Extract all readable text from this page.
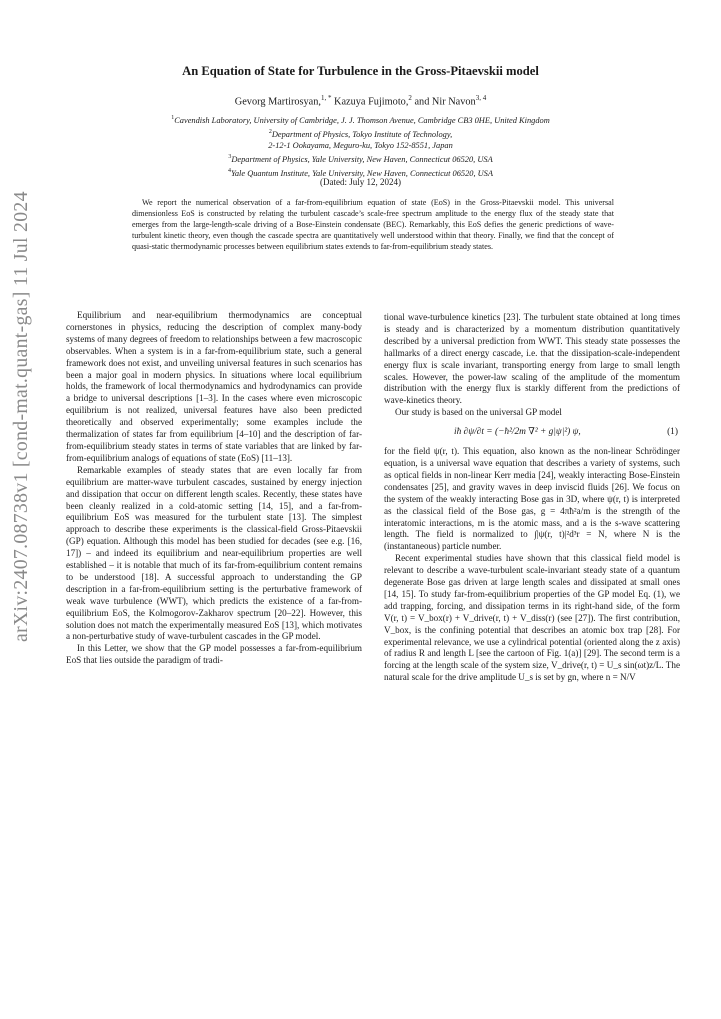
arXiv:2407.08738v1 [cond-mat.quant-gas] 11 Jul 2024
An Equation of State for Turbulence in the Gross-Pitaevskii model
Gevorg Martirosyan,$^{1, *}$ Kazuya Fujimoto,$^2$ and Nir Navon$^{3, 4}$
$^1$Cavendish Laboratory, University of Cambridge, J. J. Thomson Avenue, Cambridge CB3 0HE, United Kingdom
$^2$Department of Physics, Tokyo Institute of Technology,
2-12-1 Ookayama, Meguro-ku, Tokyo 152-8551, Japan
$^3$Department of Physics, Yale University, New Haven, Connecticut 06520, USA
$^4$Yale Quantum Institute, Yale University, New Haven, Connecticut 06520, USA
(Dated: July 12, 2024)
We report the numerical observation of a far-from-equilibrium equation of state (EoS) in the Gross-Pitaevskii model. This universal dimensionless EoS is constructed by relating the turbulent cascade’s scale-free spectrum amplitude to the energy flux of the steady state that emerges from the large-length-scale driving of a Bose-Einstein condensate (BEC). Remarkably, this EoS defies the generic predictions of wave-turbulent kinetic theory, even though the cascade spectra are quantitatively well understood within that theory. Finally, we find that the concept of quasi-static thermodynamic processes between equilibrium states extends to far-from-equilibrium steady states.

Equilibrium and near-equilibrium thermodynamics are conceptual cornerstones in physics, reducing the description of complex many-body systems of many degrees of freedom to relationships between a few macroscopic observables. When a system is in a far-from-equilibrium state, such a general framework does not exist, and unveiling universal features in such scenarios has been a major goal in modern physics. In situations where local equilibrium holds, the framework of local thermodynamics and hydrodynamics can provide a bridge to universal descriptions [1–3]. In the cases where even microscopic equilibrium is not realized, universal features have also been predicted theoretically and observed experimentally; some examples include the thermalization of states far from equilibrium [4–10] and the description of far-from-equilibrium steady states in terms of state variables that are linked by far-from-equilibrium analogs of equations of state (EoS) [11–13].

Remarkable examples of steady states that are even locally far from equilibrium are matter-wave turbulent cascades, sustained by energy injection and dissipation that occur on different length scales. Recently, these states have been cleanly realized in a cold-atomic setting [14, 15], and a far-from-equilibrium EoS was measured for the turbulent state [13]. The simplest approach to describe these experiments is the classical-field Gross-Pitaevskii (GP) equation. Although this model has been studied for decades (see e.g. [16, 17]) – and indeed its equilibrium and near-equilibrium properties are well established – it is notable that much of its far-from-equilibrium content remains to be understood [18]. A successful approach to understanding the GP description in a far-from-equilibrium setting is the perturbative framework of weak wave turbulence (WWT), which predicts the existence of a far-from-equilibrium EoS, the Kolmogorov-Zakharov spectrum [20–22]. However, this solution does not match the experimentally measured EoS [13], which motivates a non-perturbative study of wave-turbulent cascades in the GP model.

In this Letter, we show that the GP model possesses a far-from-equilibrium EoS that lies outside the paradigm of tradi-

tional wave-turbulence kinetics [23]. The turbulent state obtained at long times is steady and is characterized by a momentum distribution quantitatively described by a universal prediction from WWT. This steady state possesses the hallmarks of a direct energy cascade, i.e. that the dissipation-scale-independent energy flux is scale invariant, transporting energy from large to small length scales. However, the power-law scaling of the amplitude of the momentum distribution with the energy flux is starkly different from the predictions of wave-kinetics theory.

Our study is based on the universal GP model

iħ ∂ψ/∂t = (−ħ²/2m ∇² + g|ψ|²) ψ,	(1)

for the field ψ(r, t). This equation, also known as the non-linear Schrödinger equation, is a universal wave equation that describes a variety of systems, such as optical fields in non-linear Kerr media [24], weakly interacting Bose-Einstein condensates [25], and gravity waves in deep inviscid fluids [26]. We focus on the system of the weakly interacting Bose gas in 3D, where ψ(r, t) is interpreted as the classical field of the Bose gas, g = 4πħ²a/m is the strength of the interatomic interactions, m is the atomic mass, and a is the s-wave scattering length. The field is normalized to ∫|ψ(r, t)|²d³r = N, where N is the (instantaneous) particle number.

Recent experimental studies have shown that this classical field model is relevant to describe a wave-turbulent scale-invariant steady state of a quantum degenerate Bose gas driven at large length scales and dissipated at small ones [14, 15]. To study far-from-equilibrium properties of the GP model Eq. (1), we add trapping, forcing, and dissipation terms in its right-hand side, of the form V(r, t) = V_box(r) + V_drive(r, t) + V_diss(r) (see [27]). The first contribution, V_box, is the confining potential that describes an atomic box trap [28]. For experimental relevance, we use a cylindrical potential (oriented along the z axis) of radius R and length L [see the cartoon of Fig. 1(a)] [29]. The second term is a forcing at the length scale of the system size, V_drive(r, t) = U_s sin(ωt)z/L. The natural scale for the drive amplitude U_s is set by gn, where n = N/V
